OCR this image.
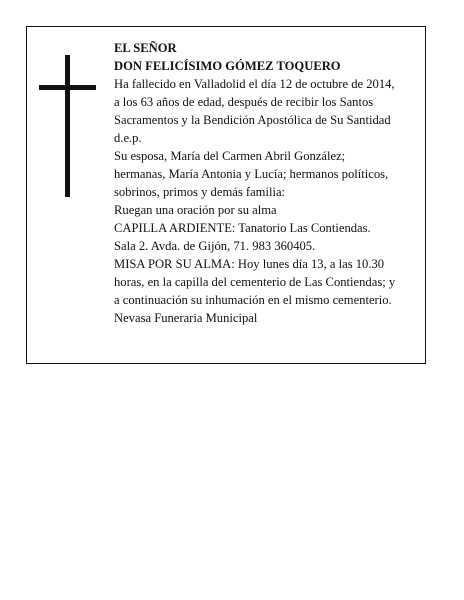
EL SEÑOR
DON FELICÍSIMO GÓMEZ TOQUERO
Ha fallecido en Valladolid el día 12 de octubre de 2014,
a los 63 años de edad, después de recibir los Santos
Sacramentos y la Bendición Apostólica de Su Santidad
d.e.p.
Su esposa, María del Carmen Abril González;
hermanas, María Antonia y Lucía; hermanos políticos,
sobrinos, primos y demás familia:
Ruegan una oración por su alma
CAPILLA ARDIENTE: Tanatorio Las Contiendas.
Sala 2. Avda. de Gijón, 71. 983 360405.
MISA POR SU ALMA: Hoy lunes día 13, a las 10.30
horas, en la capilla del cementerio de Las Contiendas; y
a continuación su inhumación en el mismo cementerio.
Nevasa Funeraria Municipal
